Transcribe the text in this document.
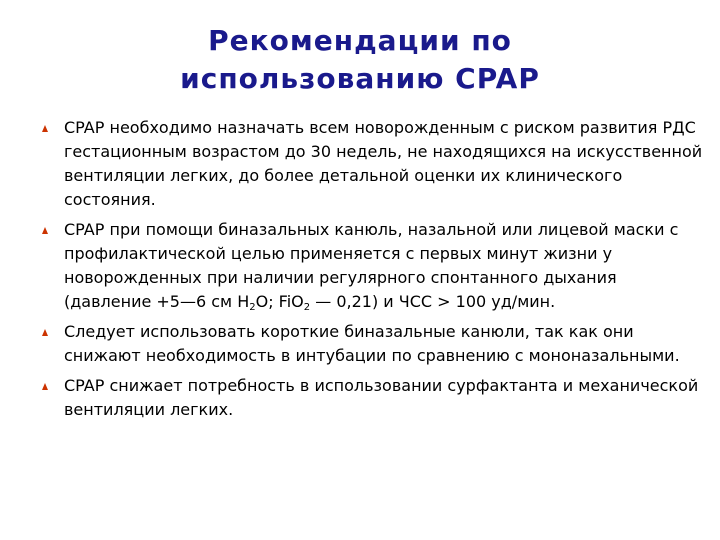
Рекомендации по
использованию CPAP
CPAP необходимо назначать всем новорожденным с риском развития РДС гестационным возрастом до 30 недель, не находящихся на искусственной вентиляции легких, до более детальной оценки их клинического состояния.
CPAP при помощи биназальных канюль, назальной или лицевой маски с профилактической целью применяется с первых минут жизни у новорожденных при наличии регулярного спонтанного дыхания (давление +5—6 см $H_2O$; FiO$_2$ — 0,21) и ЧСС > 100 уд/мин.
Следует использовать короткие биназальные канюли, так как они снижают необходимость в интубации по сравнению с мононазальными.
CPAP снижает потребность в использовании сурфактанта и механической вентиляции легких.
